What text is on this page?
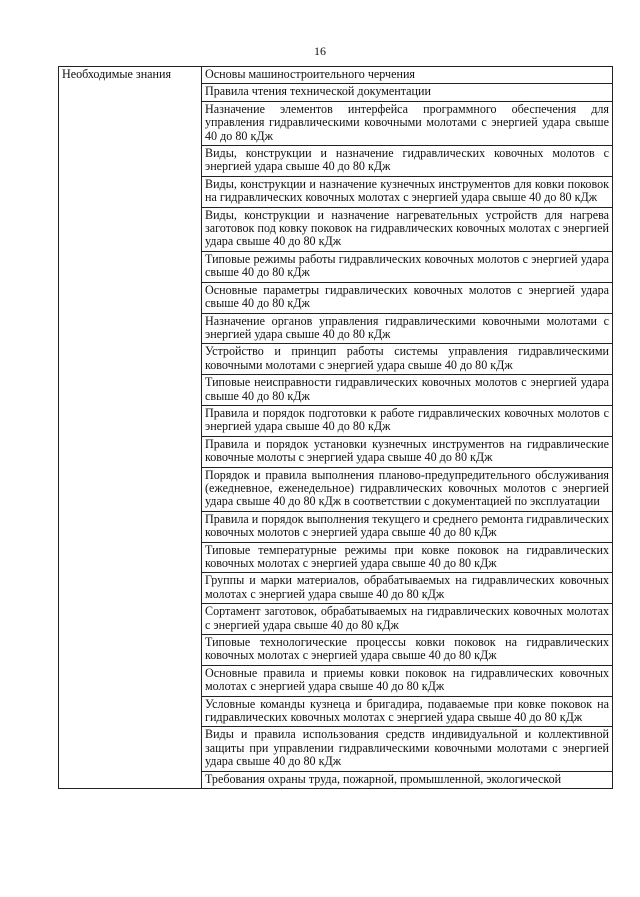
16
Необходимые знания	Основы машиностроительного черчения
Правила чтения технической документации
Назначение элементов интерфейса программного обеспечения для управления гидравлическими ковочными молотами с энергией удара свыше 40 до 80 кДж
Виды, конструкции и назначение гидравлических ковочных молотов с энергией удара свыше 40 до 80 кДж
Виды, конструкции и назначение кузнечных инструментов для ковки поковок на гидравлических ковочных молотах с энергией удара свыше 40 до 80 кДж
Виды, конструкции и назначение нагревательных устройств для нагрева заготовок под ковку поковок на гидравлических ковочных молотах с энергией удара свыше 40 до 80 кДж
Типовые режимы работы гидравлических ковочных молотов с энергией удара свыше 40 до 80 кДж
Основные параметры гидравлических ковочных молотов с энергией удара свыше 40 до 80 кДж
Назначение органов управления гидравлическими ковочными молотами с энергией удара свыше 40 до 80 кДж
Устройство и принцип работы системы управления гидравлическими ковочными молотами с энергией удара свыше 40 до 80 кДж
Типовые неисправности гидравлических ковочных молотов с энергией удара свыше 40 до 80 кДж
Правила и порядок подготовки к работе гидравлических ковочных молотов с энергией удара свыше 40 до 80 кДж
Правила и порядок установки кузнечных инструментов на гидравлические ковочные молоты с энергией удара свыше 40 до 80 кДж
Порядок и правила выполнения планово-предупредительного обслуживания (ежедневное, еженедельное) гидравлических ковочных молотов с энергией удара свыше 40 до 80 кДж в соответствии с документацией по эксплуатации
Правила и порядок выполнения текущего и среднего ремонта гидравлических ковочных молотов с энергией удара свыше 40 до 80 кДж
Типовые температурные режимы при ковке поковок на гидравлических ковочных молотах с энергией удара свыше 40 до 80 кДж
Группы и марки материалов, обрабатываемых на гидравлических ковочных молотах с энергией удара свыше 40 до 80 кДж
Сортамент заготовок, обрабатываемых на гидравлических ковочных молотах с энергией удара свыше 40 до 80 кДж
Типовые технологические процессы ковки поковок на гидравлических ковочных молотах с энергией удара свыше 40 до 80 кДж
Основные правила и приемы ковки поковок на гидравлических ковочных молотах с энергией удара свыше 40 до 80 кДж
Условные команды кузнеца и бригадира, подаваемые при ковке поковок на гидравлических ковочных молотах с энергией удара свыше 40 до 80 кДж
Виды и правила использования средств индивидуальной и коллективной защиты при управлении гидравлическими ковочными молотами с энергией удара свыше 40 до 80 кДж
Требования охраны труда, пожарной, промышленной, экологической
